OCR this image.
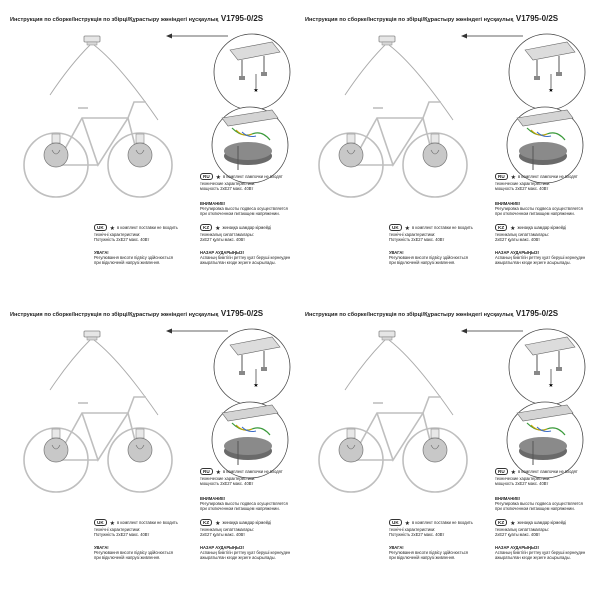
Инструкция по сборке/Інструкція по збірці/Құрастыру жөніндегі нұсқаулық V1795-0/2S
★
RU ★ в комплект лампочки не входят
технические характеристики:
мощность 2xE27 макс. 40Вт
ВНИМАНИЕ!
Регулировка высоты подвеса осуществляется
при отключенном питающем напряжении.
UK ★ в комплект поставки не входить
технічні характеристики:
Потужність 2xE27 макс. 40Вт
KZ ★ жинаққа шамдар кірмейді
техникалық сипаттамалары:
2xE27 қуаты макс. 40Вт
УВАГА!
Регулювання висоти підвісу здійснюється
при відключеній напрузі живлення.
НАЗАР АУДАРЫҢЫЗ!
Аспаның биіктігін реттеу қуат беруші кернеуден
ажыратылған кезде жүзеге асырылады.
Инструкция по сборке/Інструкція по збірці/Құрастыру жөніндегі нұсқаулық V1795-0/2S
★
RU ★ в комплект лампочки не входят
технические характеристики:
мощность 2xE27 макс. 40Вт
ВНИМАНИЕ!
Регулировка высоты подвеса осуществляется
при отключенном питающем напряжении.
UK ★ в комплект поставки не входить
технічні характеристики:
Потужність 2xE27 макс. 40Вт
KZ ★ жинаққа шамдар кірмейді
техникалық сипаттамалары:
2xE27 қуаты макс. 40Вт
УВАГА!
Регулювання висоти підвісу здійснюється
при відключеній напрузі живлення.
НАЗАР АУДАРЫҢЫЗ!
Аспаның биіктігін реттеу қуат беруші кернеуден
ажыратылған кезде жүзеге асырылады.
Инструкция по сборке/Інструкція по збірці/Құрастыру жөніндегі нұсқаулық V1795-0/2S
★
RU ★ в комплект лампочки не входят
технические характеристики:
мощность 2xE27 макс. 40Вт
ВНИМАНИЕ!
Регулировка высоты подвеса осуществляется
при отключенном питающем напряжении.
UK ★ в комплект поставки не входить
технічні характеристики:
Потужність 2xE27 макс. 40Вт
KZ ★ жинаққа шамдар кірмейді
техникалық сипаттамалары:
2xE27 қуаты макс. 40Вт
УВАГА!
Регулювання висоти підвісу здійснюється
при відключеній напрузі живлення.
НАЗАР АУДАРЫҢЫЗ!
Аспаның биіктігін реттеу қуат беруші кернеуден
ажыратылған кезде жүзеге асырылады.
Инструкция по сборке/Інструкція по збірці/Құрастыру жөніндегі нұсқаулық V1795-0/2S
★
RU ★ в комплект лампочки не входят
технические характеристики:
мощность 2xE27 макс. 40Вт
ВНИМАНИЕ!
Регулировка высоты подвеса осуществляется
при отключенном питающем напряжении.
UK ★ в комплект поставки не входить
технічні характеристики:
Потужність 2xE27 макс. 40Вт
KZ ★ жинаққа шамдар кірмейді
техникалық сипаттамалары:
2xE27 қуаты макс. 40Вт
УВАГА!
Регулювання висоти підвісу здійснюється
при відключеній напрузі живлення.
НАЗАР АУДАРЫҢЫЗ!
Аспаның биіктігін реттеу қуат беруші кернеуден
ажыратылған кезде жүзеге асырылады.
